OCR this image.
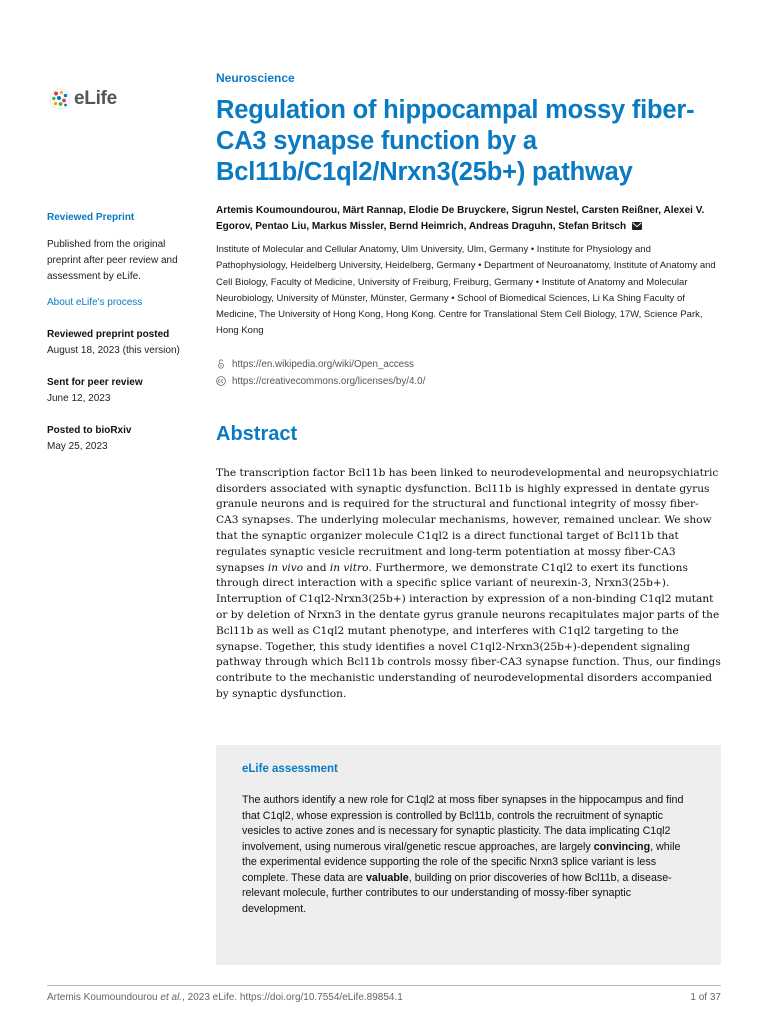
eLife
Reviewed Preprint
Published from the original preprint after peer review and assessment by eLife.
About eLife's process
Reviewed preprint posted
August 18, 2023 (this version)
Sent for peer review
June 12, 2023
Posted to bioRxiv
May 25, 2023
Neuroscience
Regulation of hippocampal mossy fiber-CA3 synapse function by a Bcl11b/C1ql2/Nrxn3(25b+) pathway
Artemis Koumoundourou, Märt Rannap, Elodie De Bruyckere, Sigrun Nestel, Carsten Reißner, Alexei V. Egorov, Pentao Liu, Markus Missler, Bernd Heimrich, Andreas Draguhn, Stefan Britsch
Institute of Molecular and Cellular Anatomy, Ulm University, Ulm, Germany • Institute for Physiology and Pathophysiology, Heidelberg University, Heidelberg, Germany • Department of Neuroanatomy, Institute of Anatomy and Cell Biology, Faculty of Medicine, University of Freiburg, Freiburg, Germany • Institute of Anatomy and Molecular Neurobiology, University of Münster, Münster, Germany • School of Biomedical Sciences, Li Ka Shing Faculty of Medicine, The University of Hong Kong, Hong Kong. Centre for Translational Stem Cell Biology, 17W, Science Park, Hong Kong
https://en.wikipedia.org/wiki/Open_access
https://creativecommons.org/licenses/by/4.0/
Abstract

The transcription factor Bcl11b has been linked to neurodevelopmental and neuropsychiatric disorders associated with synaptic dysfunction. Bcl11b is highly expressed in dentate gyrus granule neurons and is required for the structural and functional integrity of mossy fiber-CA3 synapses. The underlying molecular mechanisms, however, remained unclear. We show that the synaptic organizer molecule C1ql2 is a direct functional target of Bcl11b that regulates synaptic vesicle recruitment and long-term potentiation at mossy fiber-CA3 synapses in vivo and in vitro. Furthermore, we demonstrate C1ql2 to exert its functions through direct interaction with a specific splice variant of neurexin-3, Nrxn3(25b+). Interruption of C1ql2-Nrxn3(25b+) interaction by expression of a non-binding C1ql2 mutant or by deletion of Nrxn3 in the dentate gyrus granule neurons recapitulates major parts of the Bcl11b as well as C1ql2 mutant phenotype, and interferes with C1ql2 targeting to the synapse. Together, this study identifies a novel C1ql2-Nrxn3(25b+)-dependent signaling pathway through which Bcl11b controls mossy fiber-CA3 synapse function. Thus, our findings contribute to the mechanistic understanding of neurodevelopmental disorders accompanied by synaptic dysfunction.

eLife assessment

The authors identify a new role for C1ql2 at moss fiber synapses in the hippocampus and find that C1ql2, whose expression is controlled by Bcl11b, controls the recruitment of synaptic vesicles to active zones and is necessary for synaptic plasticity. The data implicating C1ql2 involvement, using numerous viral/genetic rescue approaches, are largely convincing, while the experimental evidence supporting the role of the specific Nrxn3 splice variant is less complete. These data are valuable, building on prior discoveries of how Bcl11b, a disease-relevant molecule, further contributes to our understanding of mossy-fiber synaptic development.

Artemis Koumoundourou et al., 2023 eLife. https://doi.org/10.7554/eLife.89854.1	1 of 37
